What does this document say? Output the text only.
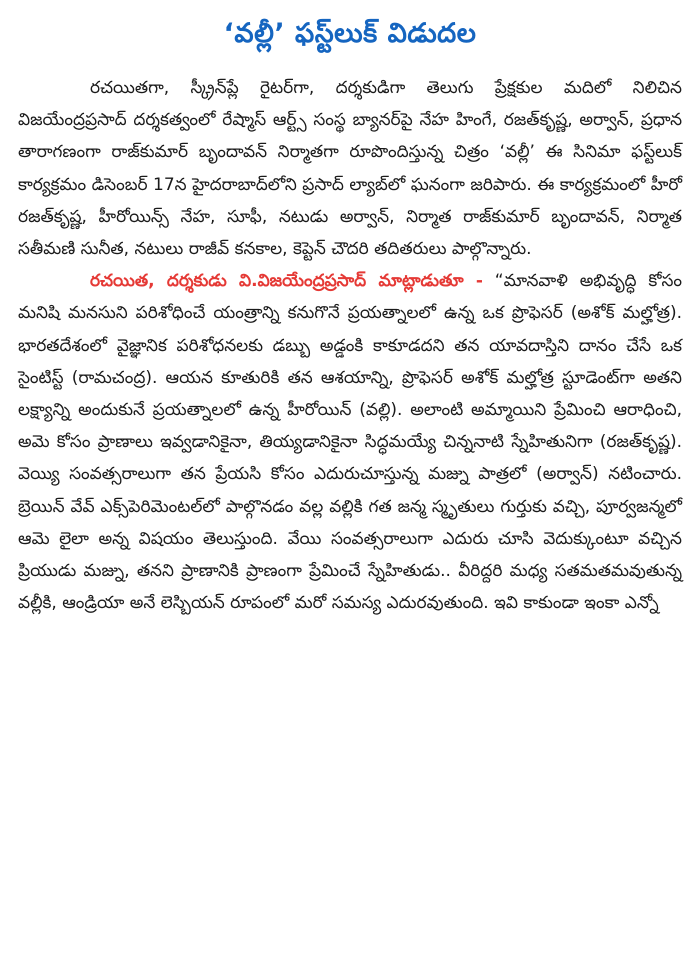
‘వల్లీ’ ఫస్ట్‌లుక్ విడుదల

రచయితగా, స్క్రీన్‌ప్లే రైటర్‌గా, దర్శకుడిగా తెలుగు ప్రేక్షకుల మదిలో నిలిచిన విజయేంద్రప్రసాద్ దర్శకత్వంలో రేష్మాస్ ఆర్ట్స్ సంస్థ బ్యానర్‌పై నేహ హింగే, రజత్‌కృష్ణ, అర్వాన్, ప్రధాన తారాగణంగా రాజ్‌కుమార్ బృందావన్ నిర్మాతగా రూపొందిస్తున్న చిత్రం ‘వల్లీ’ ఈ సినిమా ఫస్ట్‌లుక్ కార్యక్రమం డిసెంబర్ 17న హైదరాబాద్‌లోని ప్రసాద్ ల్యాబ్‌లో ఘనంగా జరిపారు. ఈ కార్యక్రమంలో హీరో రజత్‌కృష్ణ, హీరోయిన్స్ నేహ, సూఫీ, నటుడు అర్వాన్, నిర్మాత రాజ్‌కుమార్ బృందావన్, నిర్మాత సతీమణి సునీత, నటులు రాజీవ్ కనకాల, కెప్టెన్ చౌదరి తదితరులు పాల్గొన్నారు.

రచయిత, దర్శకుడు వి.విజయేంద్రప్రసాద్ మాట్లాడుతూ - “మానవాళి అభివృద్ధి కోసం మనిషి మనసుని పరిశోధించే యంత్రాన్ని కనుగొనే ప్రయత్నాలలో ఉన్న ఒక ప్రొఫెసర్ (అశోక్ మల్హోత్ర). భారతదేశంలో వైజ్ఞానిక పరిశోధనలకు డబ్బు అడ్డంకి కాకూడదని తన యావదాస్తిని దానం చేసే ఒక సైంటిస్ట్ (రామచంద్ర). ఆయన కూతురికి తన ఆశయాన్ని, ప్రొఫెసర్ అశోక్ మల్హోత్ర స్టూడెంట్‌గా అతని లక్ష్యాన్ని అందుకునే ప్రయత్నాలలో ఉన్న హీరోయిన్ (వల్లి). అలాంటి అమ్మాయిని ప్రేమించి ఆరాధించి, అమె కోసం ప్రాణాలు ఇవ్వడానికైనా, తియ్యడానికైనా సిద్ధమయ్యే చిన్ననాటి స్నేహితునిగా (రజత్‌కృష్ణ). వెయ్యి సంవత్సరాలుగా తన ప్రేయసి కోసం ఎదురుచూస్తున్న మజ్ను పాత్రలో (అర్వాన్) నటించారు. బ్రెయిన్ వేవ్ ఎక్స్‌పెరిమెంటల్‌లో పాల్గొనడం వల్ల వల్లికి గత జన్మ స్మృతులు గుర్తుకు వచ్చి, పూర్వజన్మలో ఆమె లైలా అన్న విషయం తెలుస్తుంది. వేయి సంవత్సరాలుగా ఎదురు చూసి వెదుక్కుంటూ వచ్చిన ప్రియుడు మజ్ను, తనని ప్రాణానికి ప్రాణంగా ప్రేమించే స్నేహితుడు.. వీరిద్దరి మధ్య సతమతమవుతున్న వల్లీకి, ఆండ్రియా అనే లెస్బియన్ రూపంలో మరో సమస్య ఎదురవుతుంది. ఇవి కాకుండా ఇంకా ఎన్నో
